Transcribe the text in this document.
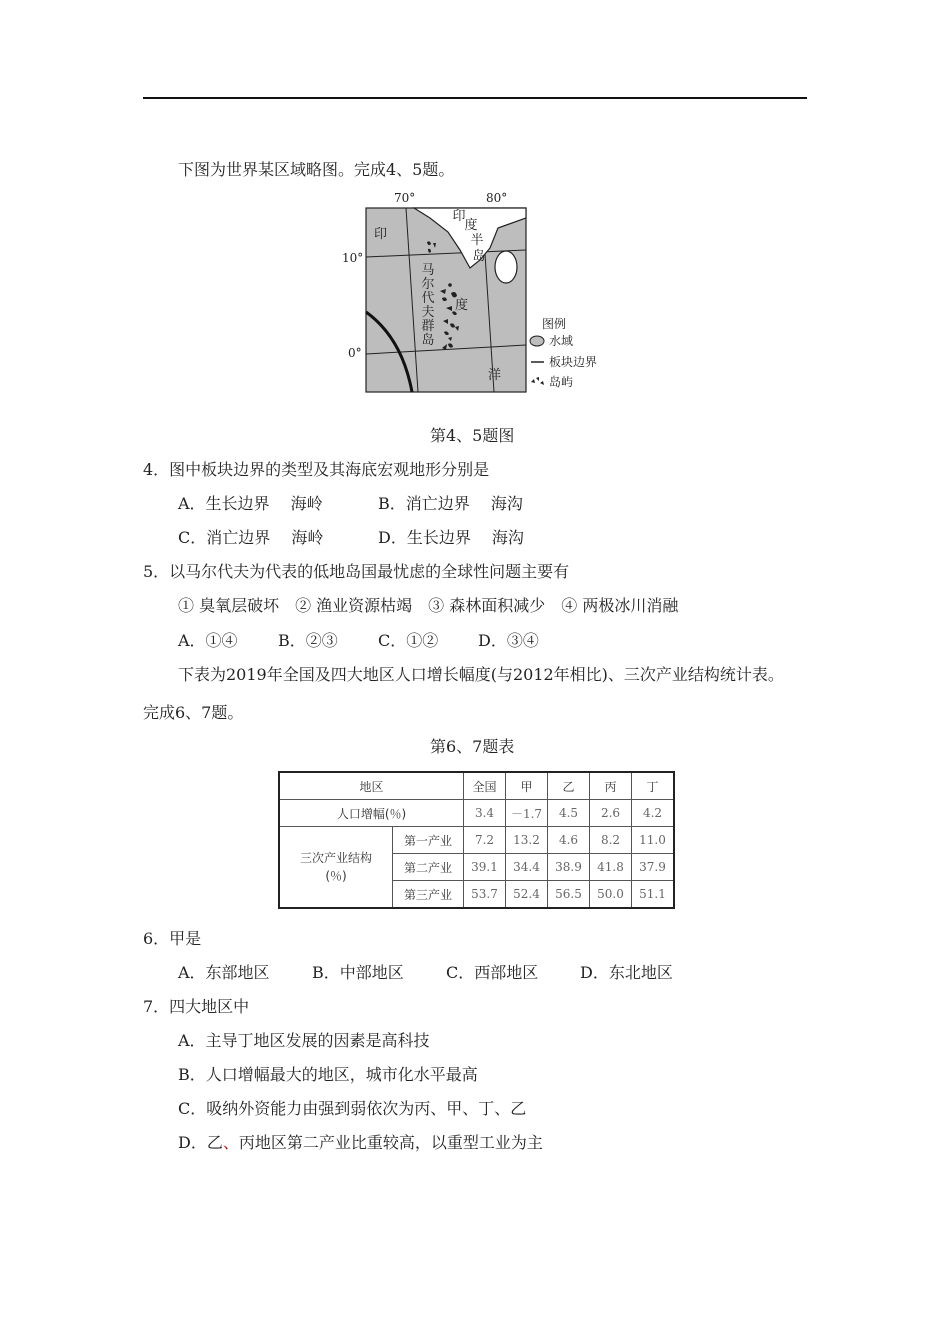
下图为世界某区域略图。完成4、5题。
70°	80°
10°
0°
印
度
洋
印
度
半
岛
马
尔
代
夫
群
岛
图例
水域
板块边界
岛屿
第4、5题图
4．图中板块边界的类型及其海底宏观地形分别是
A．生长边界　 海岭	B．消亡边界　 海沟
C．消亡边界　 海岭	D．生长边界　 海沟
5．以马尔代夫为代表的低地岛国最忧虑的全球性问题主要有
① 臭氧层破坏　② 渔业资源枯竭　③ 森林面积减少　④ 两极冰川消融
A．①④	B．②③	C．①② D．③④
下表为2019年全国及四大地区人口增长幅度(与2012年相比)、三次产业结构统计表。
完成6、7题。
第6、7题表
地区		全国	甲	乙	丙	丁
人口增幅(％)		3.4	－1.7	4.5	2.6	4.2

三次产业结构
(％)	第一产业	7.2	13.2	4.6	8.2	11.0
	第二产业	39.1	34.4	38.9	41.8	37.9
	第三产业	53.7	52.4	56.5	50.0	51.1
6．甲是
A．东部地区	B．中部地区	C．西部地区	D．东北地区
7．四大地区中
A．主导丁地区发展的因素是高科技
B．人口增幅最大的地区，城市化水平最高
C．吸纳外资能力由强到弱依次为丙、甲、丁、乙
D．乙、丙地区第二产业比重较高，以重型工业为主
